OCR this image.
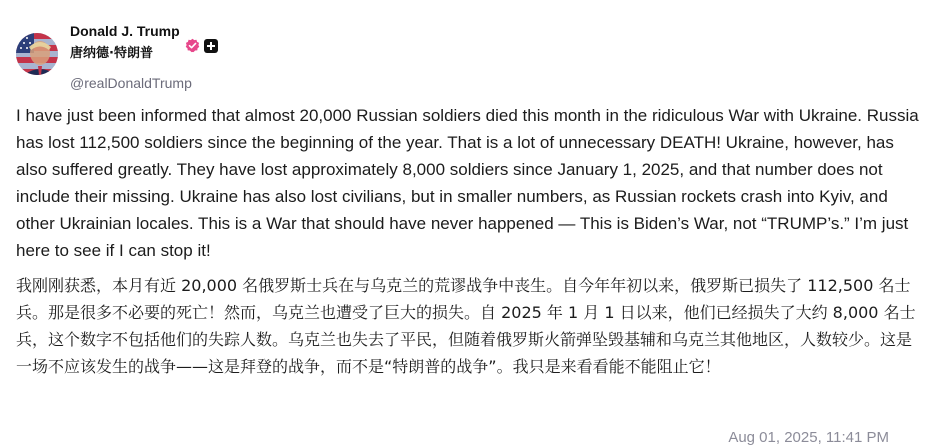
Donald J. Trump
唐纳德·特朗普
@realDonaldTrump

I have just been informed that almost 20,000 Russian soldiers died this month in the ridiculous War with Ukraine. Russia has lost 112,500 soldiers since the beginning of the year. That is a lot of unnecessary DEATH! Ukraine, however, has also suffered greatly. They have lost approximately 8,000 soldiers since January 1, 2025, and that number does not include their missing. Ukraine has also lost civilians, but in smaller numbers, as Russian rockets crash into Kyiv, and other Ukrainian locales. This is a War that should have never happened — This is Biden’s War, not “TRUMP’s.” I’m just here to see if I can stop it!

我刚刚获悉，本月有近 20,000 名俄罗斯士兵在与乌克兰的荒谬战争中丧生。自今年年初以来，俄罗斯已损失了 112,500 名士兵。那是很多不必要的死亡！然而，乌克兰也遭受了巨大的损失。自 2025 年 1 月 1 日以来，他们已经损失了大约 8,000 名士兵，这个数字不包括他们的失踪人数。乌克兰也失去了平民，但随着俄罗斯火箭弹坠毁基辅和乌克兰其他地区，人数较少。这是一场不应该发生的战争——这是拜登的战争，而不是“特朗普的战争”。我只是来看看能不能阻止它！

Aug 01, 2025, 11:41 PM
